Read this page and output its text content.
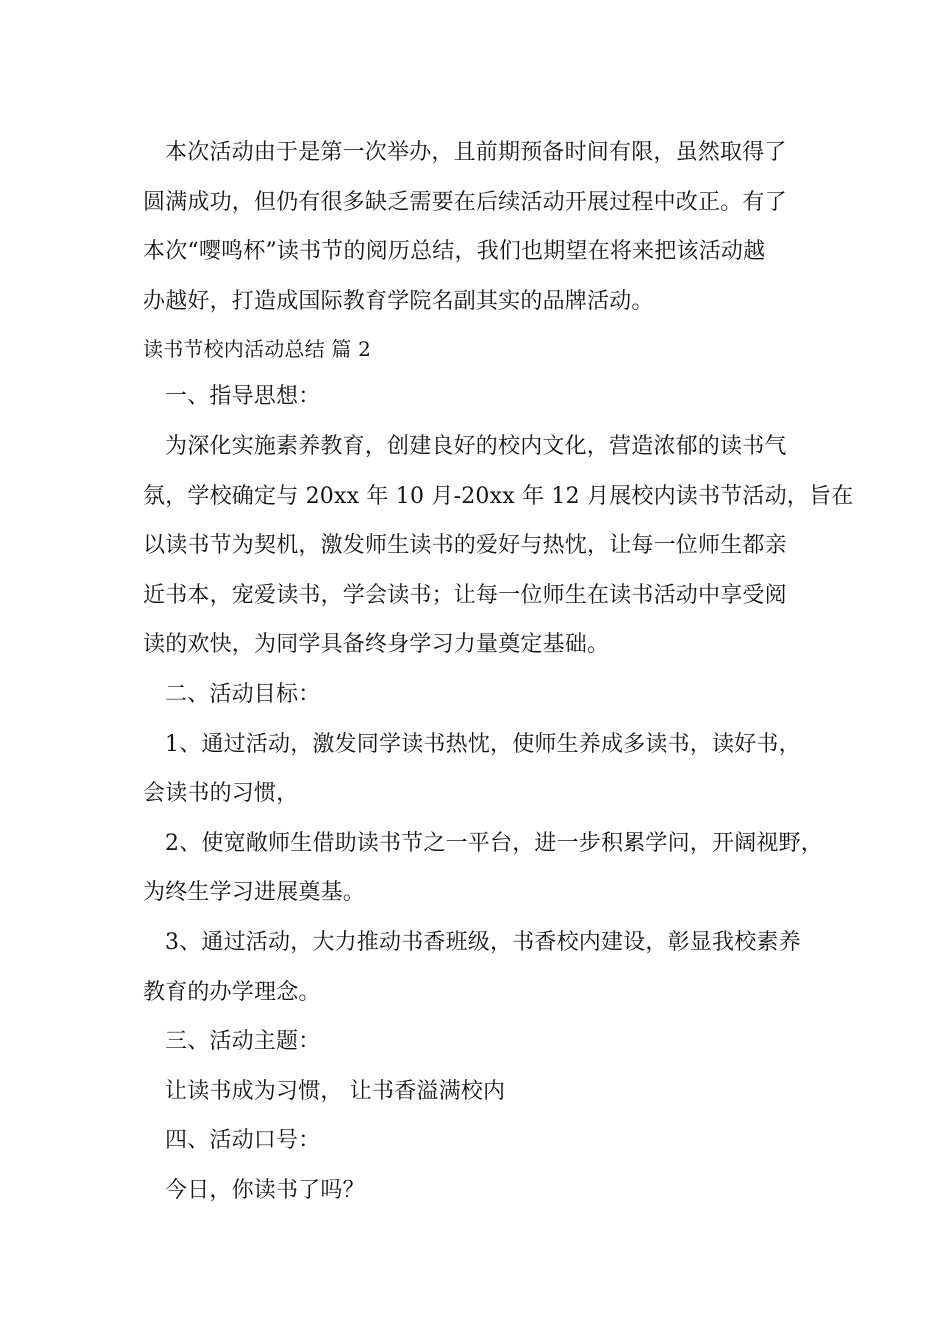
本次活动由于是第一次举办，且前期预备时间有限，虽然取得了
圆满成功，但仍有很多缺乏需要在后续活动开展过程中改正。有了
本次“嘤鸣杯”读书节的阅历总结，我们也期望在将来把该活动越
办越好，打造成国际教育学院名副其实的品牌活动。
读书节校内活动总结 篇 2
一、指导思想：
为深化实施素养教育，创建良好的校内文化，营造浓郁的读书气
氛，学校确定与 20xx 年 10 月-20xx 年 12 月展校内读书节活动，旨在
以读书节为契机，激发师生读书的爱好与热忱，让每一位师生都亲
近书本，宠爱读书，学会读书；让每一位师生在读书活动中享受阅
读的欢快，为同学具备终身学习力量奠定基础。
二、活动目标：
1、通过活动，激发同学读书热忱，使师生养成多读书，读好书，
会读书的习惯，
2、使宽敞师生借助读书节之一平台，进一步积累学问，开阔视野，
为终生学习进展奠基。
3、通过活动，大力推动书香班级，书香校内建设，彰显我校素养
教育的办学理念。
三、活动主题：
让读书成为习惯， 让书香溢满校内
四、活动口号：
今日，你读书了吗？
